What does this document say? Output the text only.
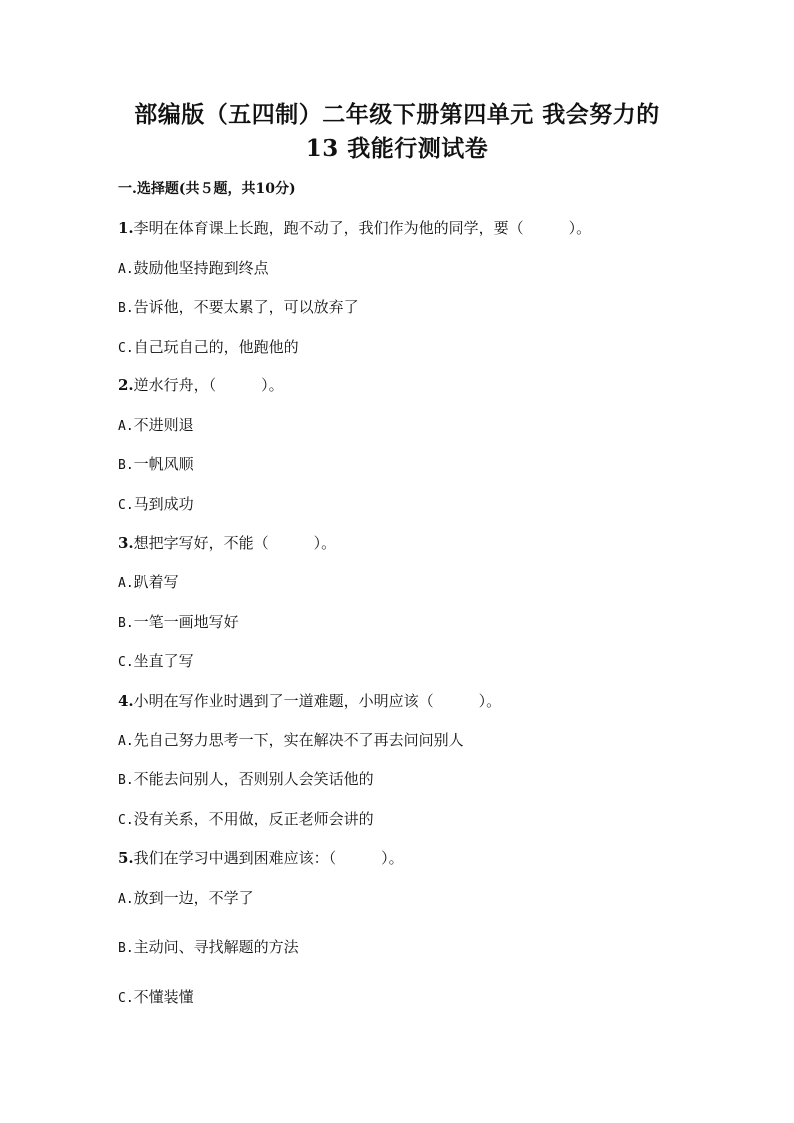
部编版（五四制）二年级下册第四单元 我会努力的
13 我能行测试卷
一.选择题(共５题，共10分)
1.李明在体育课上长跑，跑不动了，我们作为他的同学，要（　　　）。
A.鼓励他坚持跑到终点
B.告诉他，不要太累了，可以放弃了
C.自己玩自己的，他跑他的
2.逆水行舟，（　　　）。
A.不进则退
B.一帆风顺
C.马到成功
3.想把字写好，不能（　　　）。
A.趴着写
B.一笔一画地写好
C.坐直了写
4.小明在写作业时遇到了一道难题，小明应该（　　　）。
A.先自己努力思考一下，实在解决不了再去问问别人
B.不能去问别人，否则别人会笑话他的
C.没有关系，不用做，反正老师会讲的
5.我们在学习中遇到困难应该：（　　　）。
A.放到一边，不学了
B.主动问、寻找解题的方法
C.不懂装懂
